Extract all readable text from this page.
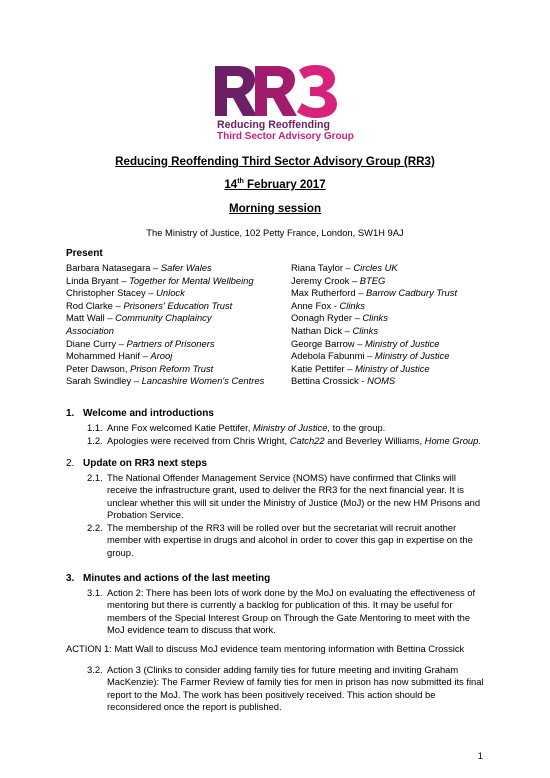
Reducing Reoffending
Third Sector Advisory Group
Reducing Reoffending Third Sector Advisory Group (RR3)
14th February 2017
Morning session
The Ministry of Justice, 102 Petty France, London, SW1H 9AJ
Present
Barbara Natasegara – Safer Wales
Linda Bryant – Together for Mental Wellbeing
Christopher Stacey – Unlock
Rod Clarke – Prisoners' Education Trust
Matt Wall – Community Chaplaincy
Association
Diane Curry – Partners of Prisoners
Mohammed Hanif – Arooj
Peter Dawson, Prison Reform Trust
Sarah Swindley – Lancashire Women's Centres
Riana Taylor – Circles UK
Jeremy Crook – BTEG
Max Rutherford – Barrow Cadbury Trust
Anne Fox - Clinks
Oonagh Ryder – Clinks
Nathan Dick – Clinks
George Barrow – Ministry of Justice
Adebola Fabunmi – Ministry of Justice
Katie Pettifer – Ministry of Justice
Bettina Crossick - NOMS
1. Welcome and introductions
1.1. Anne Fox welcomed Katie Pettifer, Ministry of Justice, to the group.
1.2. Apologies were received from Chris Wright, Catch22 and Beverley Williams, Home Group.
2. Update on RR3 next steps
2.1. The National Offender Management Service (NOMS) have confirmed that Clinks will receive the infrastructure grant, used to deliver the RR3 for the next financial year. It is unclear whether this will sit under the Ministry of Justice (MoJ) or the new HM Prisons and Probation Service.
2.2. The membership of the RR3 will be rolled over but the secretariat will recruit another member with expertise in drugs and alcohol in order to cover this gap in expertise on the group.
3. Minutes and actions of the last meeting
3.1. Action 2: There has been lots of work done by the MoJ on evaluating the effectiveness of mentoring but there is currently a backlog for publication of this. It may be useful for members of the Special Interest Group on Through the Gate Mentoring to meet with the MoJ evidence team to discuss that work.
ACTION 1: Matt Wall to discuss MoJ evidence team mentoring information with Bettina Crossick
3.2. Action 3 (Clinks to consider adding family ties for future meeting and inviting Graham MacKenzie): The Farmer Review of family ties for men in prison has now submitted its final report to the MoJ. The work has been positively received. This action should be reconsidered once the report is published.
1
